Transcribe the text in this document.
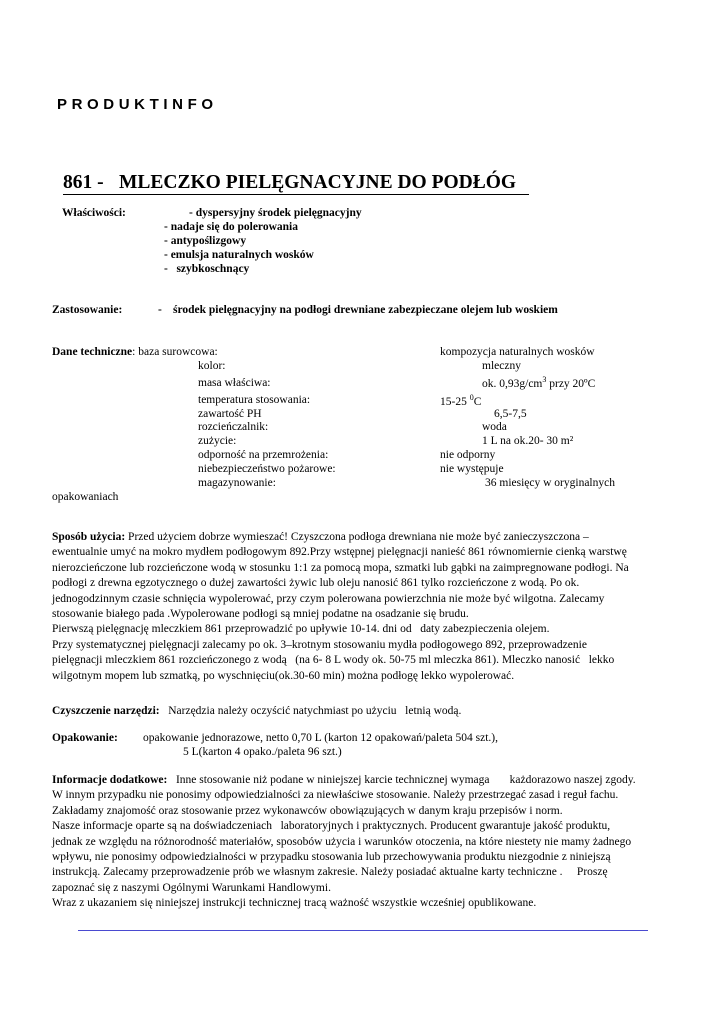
PRODUKTINFO
861 - MLECZKO PIELĘGNACYJNE DO PODŁÓG
Właściwości:	- dyspersyjny środek pielęgnacyjny
- nadaje się do polerowania
- antypoślizgowy
- emulsja naturalnych wosków
-   szybkoschnący
Zastosowanie:	- środek pielęgnacyjny na podłogi drewniane zabezpieczane olejem lub woskiem
Dane techniczne: baza surowcowa:	kompozycja naturalnych wosków
kolor:	mleczny
masa właściwa:	ok. $0,93g/cm^3$ przy 20ºC
temperatura stosowania:	15-25 $^0$C
zawartość PH	6,5-7,5
rozcieńczalnik:	woda
zużycie:	1 L na ok.20- 30 m²
odporność na przemrożenia:	nie odporny
niebezpieczeństwo pożarowe:	nie występuje
magazynowanie:	36 miesięcy w oryginalnych
opakowaniach
Sposób użycia: Przed użyciem dobrze wymieszać! Czyszczona podłoga drewniana nie może być zanieczyszczona –
ewentualnie umyć na mokro mydłem podłogowym 892.Przy wstępnej pielęgnacji nanieść 861 równomiernie cienką warstwę
nierozcieńczone lub rozcieńczone wodą w stosunku 1:1 za pomocą mopa, szmatki lub gąbki na zaimpregnowane podłogi. Na
podłogi z drewna egzotycznego o dużej zawartości żywic lub oleju nanosić 861 tylko rozcieńczone z wodą. Po ok.
jednogodzinnym czasie schnięcia wypolerować, przy czym polerowana powierzchnia nie może być wilgotna. Zalecamy
stosowanie białego pada .Wypolerowane podłogi są mniej podatne na osadzanie się brudu.
Pierwszą pielęgnację mleczkiem 861 przeprowadzić po upływie 10-14. dni od   daty zabezpieczenia olejem.
Przy systematycznej pielęgnacji zalecamy po ok. 3–krotnym stosowaniu mydła podłogowego 892, przeprowadzenie
pielęgnacji mleczkiem 861 rozcieńczonego z wodą   (na 6- 8 L wody ok. 50-75 ml mleczka 861). Mleczko nanosić   lekko
wilgotnym mopem lub szmatką, po wyschnięciu(ok.30-60 min) można podłogę lekko wypolerować.
Czyszczenie narzędzi: Narzędzia należy oczyścić natychmiast po użyciu   letnią wodą.
Opakowanie: opakowanie jednorazowe, netto 0,70 L (karton 12 opakowań/paleta 504 szt.),
5 L(karton 4 opako./paleta 96 szt.)
Informacje dodatkowe: Inne stosowanie niż podane w niniejszej karcie technicznej wymaga       każdorazowo naszej zgody.
W innym przypadku nie ponosimy odpowiedzialności za niewłaściwe stosowanie. Należy przestrzegać zasad i reguł fachu.
Zakładamy znajomość oraz stosowanie przez wykonawców obowiązujących w danym kraju przepisów i norm.
Nasze informacje oparte są na doświadczeniach   laboratoryjnych i praktycznych. Producent gwarantuje jakość produktu,
jednak ze względu na różnorodność materiałów, sposobów użycia i warunków otoczenia, na które niestety nie mamy żadnego
wpływu, nie ponosimy odpowiedzialności w przypadku stosowania lub przechowywania produktu niezgodnie z niniejszą
instrukcją. Zalecamy przeprowadzenie prób we własnym zakresie. Należy posiadać aktualne karty techniczne .     Proszę
zapoznać się z naszymi Ogólnymi Warunkami Handlowymi.
Wraz z ukazaniem się niniejszej instrukcji technicznej tracą ważność wszystkie wcześniej opublikowane.
